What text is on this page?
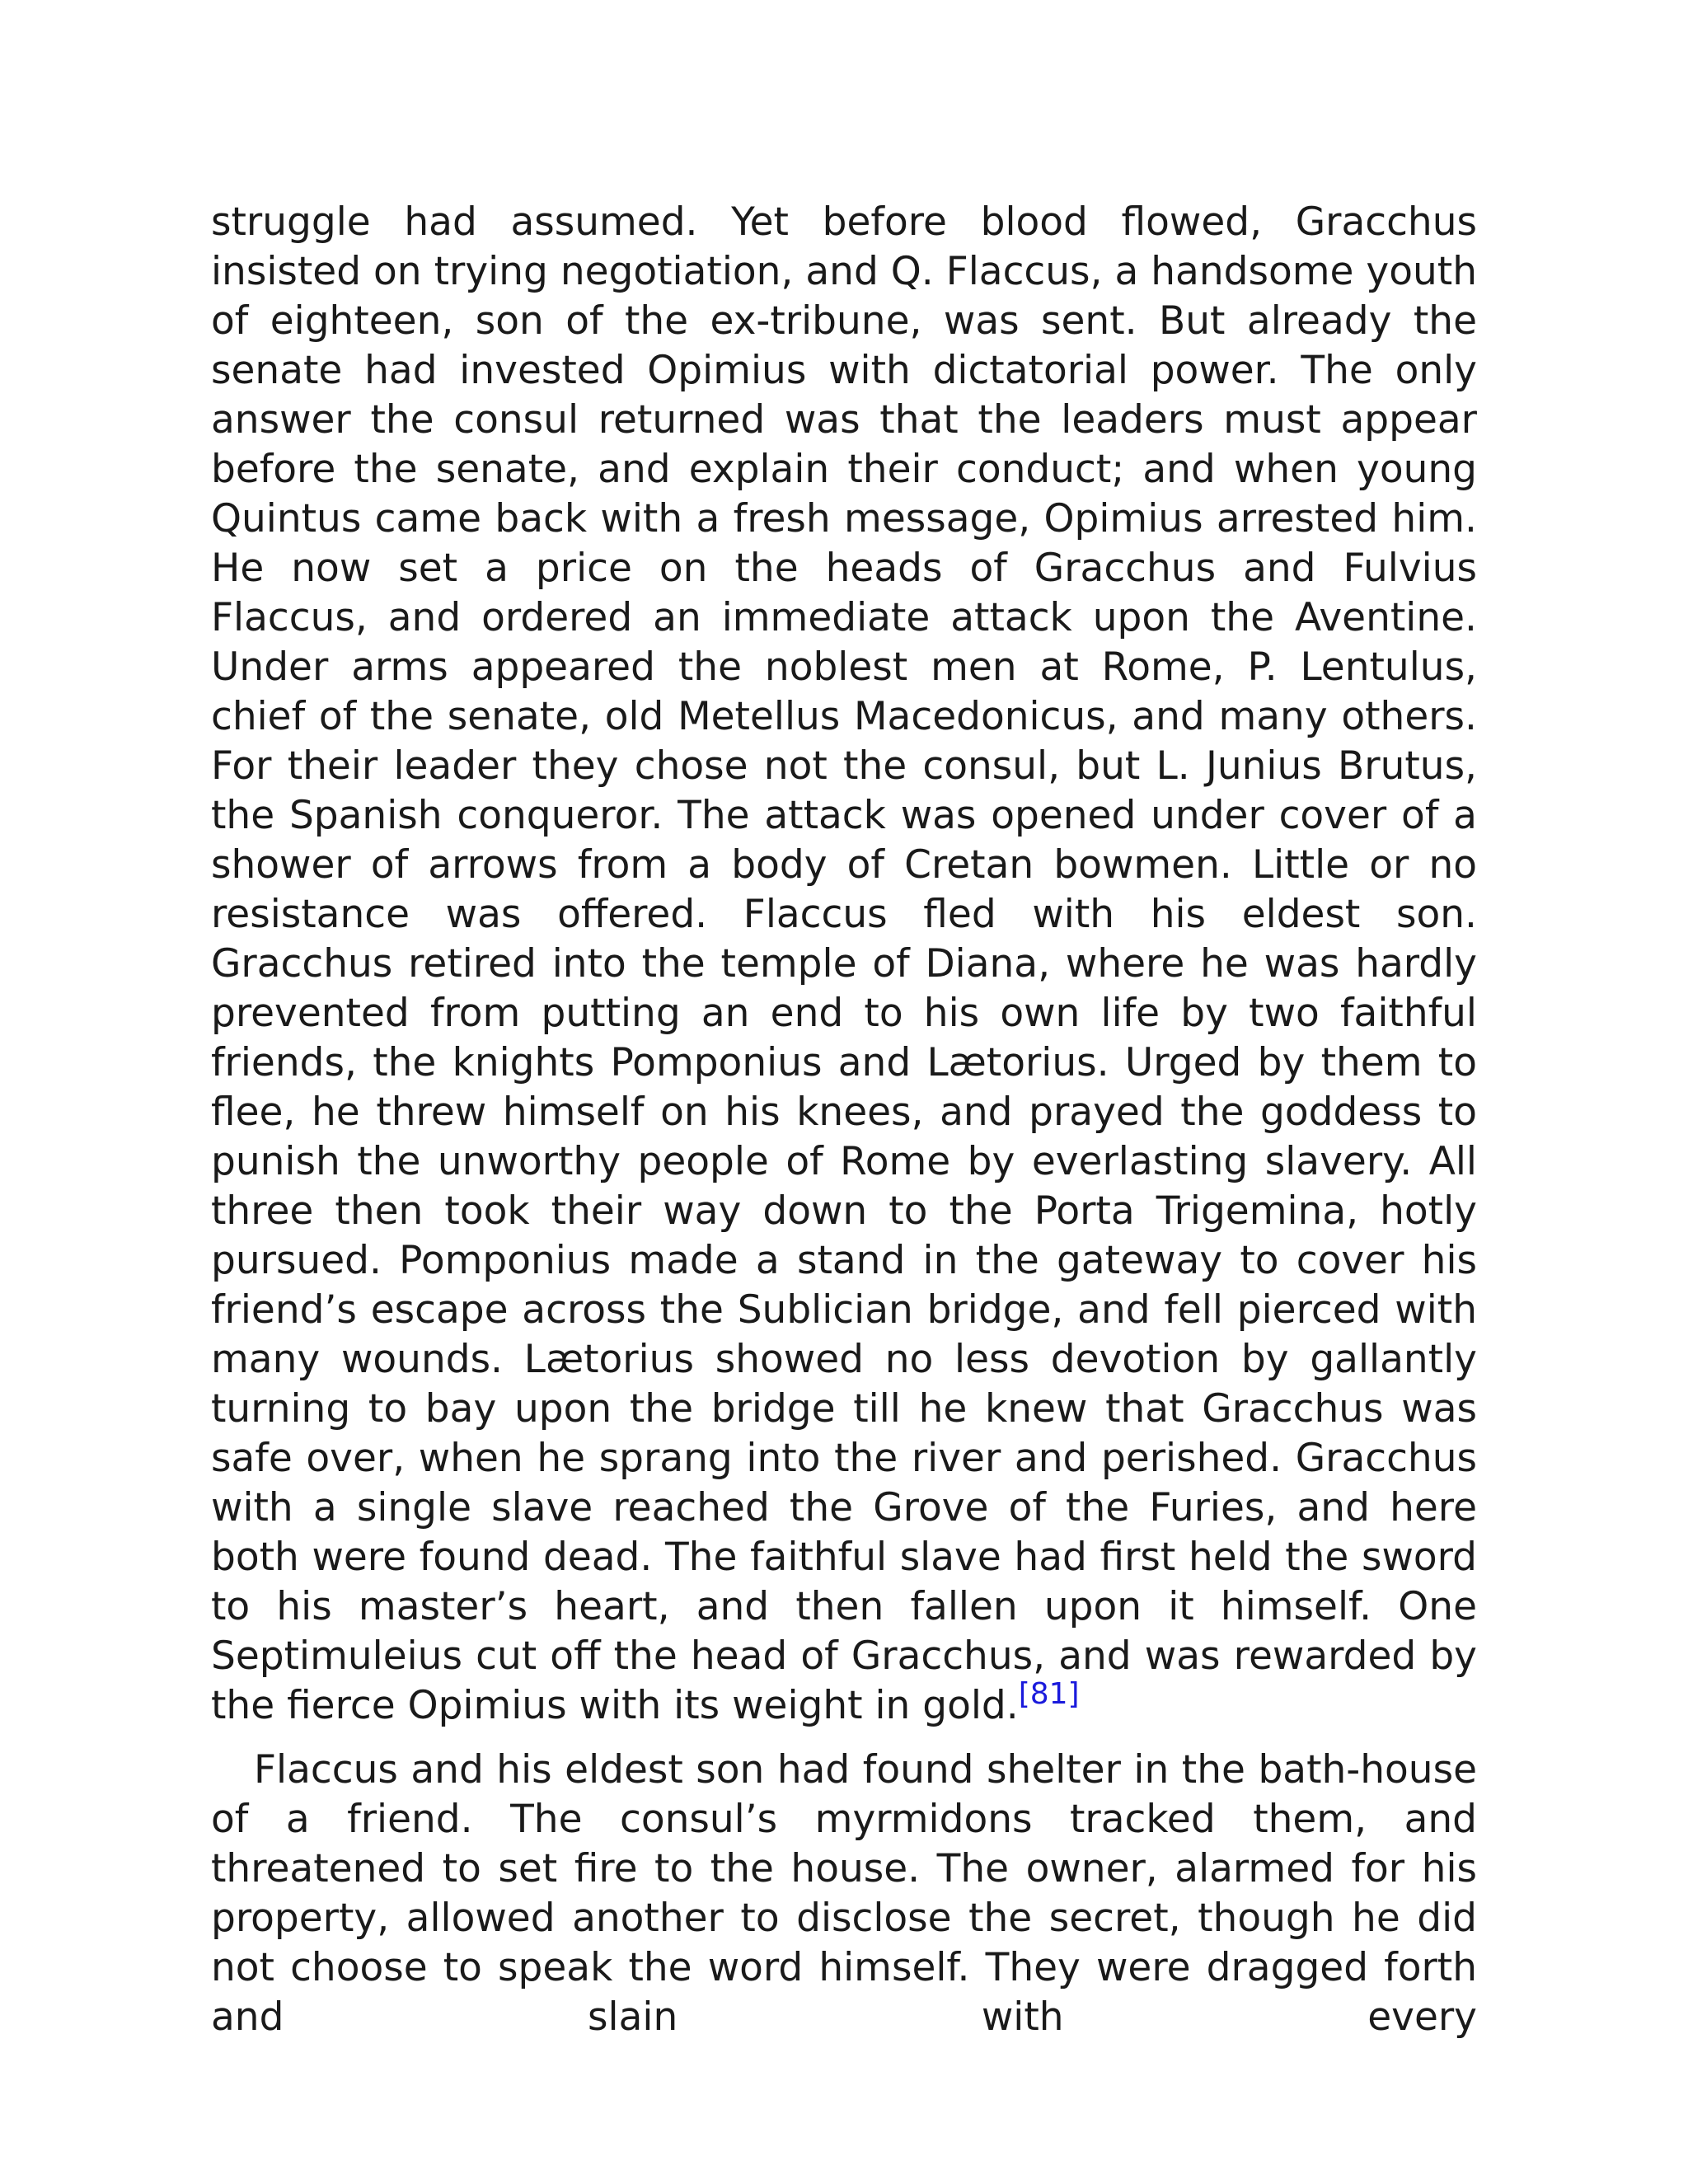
struggle had assumed. Yet before blood flowed, Gracchus insisted on trying negotiation, and Q. Flaccus, a handsome youth of eighteen, son of the ex-tribune, was sent. But already the senate had invested Opimius with dictatorial power. The only answer the consul returned was that the leaders must appear before the senate, and explain their conduct; and when young Quintus came back with a fresh message, Opimius arrested him. He now set a price on the heads of Gracchus and Fulvius Flaccus, and ordered an immediate attack upon the Aventine. Under arms appeared the noblest men at Rome, P. Lentulus, chief of the senate, old Metellus Macedonicus, and many others. For their leader they chose not the consul, but L. Junius Brutus, the Spanish conqueror. The attack was opened under cover of a shower of arrows from a body of Cretan bowmen. Little or no resistance was offered. Flaccus fled with his eldest son. Gracchus retired into the temple of Diana, where he was hardly prevented from putting an end to his own life by two faithful friends, the knights Pomponius and Lætorius. Urged by them to flee, he threw himself on his knees, and prayed the goddess to punish the unworthy people of Rome by everlasting slavery. All three then took their way down to the Porta Trigemina, hotly pursued. Pomponius made a stand in the gateway to cover his friend’s escape across the Sublician bridge, and fell pierced with many wounds. Lætorius showed no less devotion by gallantly turning to bay upon the bridge till he knew that Gracchus was safe over, when he sprang into the river and perished. Gracchus with a single slave reached the Grove of the Furies, and here both were found dead. The faithful slave had first held the sword to his master’s heart, and then fallen upon it himself. One Septimuleius cut off the head of Gracchus, and was rewarded by the fierce Opimius with its weight in gold.[81]

Flaccus and his eldest son had found shelter in the bath-house of a friend. The consul’s myrmidons tracked them, and threatened to set fire to the house. The owner, alarmed for his property, allowed another to disclose the secret, though he did not choose to speak the word himself. They were dragged forth and slain with every
